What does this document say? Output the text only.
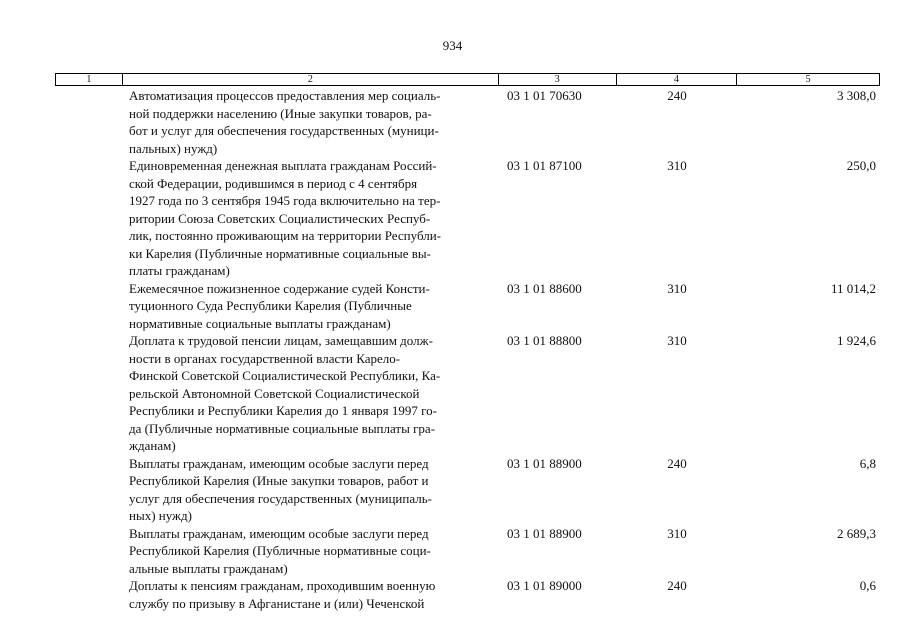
934
1	2	3	4	5
Автоматизация процессов предоставления мер социаль-
ной поддержки населению (Иные закупки товаров, ра-
бот и услуг для обеспечения государственных (муници-
пальных) нужд)
03 1 01 70630	240	3 308,0
Единовременная денежная выплата гражданам Россий-
ской Федерации, родившимся в период с 4 сентября
1927 года по 3 сентября 1945 года включительно на тер-
ритории Союза Советских Социалистических Респуб-
лик, постоянно проживающим на территории Республи-
ки Карелия (Публичные нормативные социальные вы-
платы гражданам)
03 1 01 87100	310	250,0
Ежемесячное пожизненное содержание судей Консти-
туционного Суда Республики Карелия (Публичные
нормативные социальные выплаты гражданам)
03 1 01 88600	310	11 014,2
Доплата к трудовой пенсии лицам, замещавшим долж-
ности в органах государственной власти Карело-
Финской Советской Социалистической Республики, Ка-
рельской Автономной Советской Социалистической
Республики и Республики Карелия до 1 января 1997 го-
да (Публичные нормативные социальные выплаты гра-
жданам)
03 1 01 88800	310	1 924,6
Выплаты гражданам, имеющим особые заслуги перед
Республикой Карелия (Иные закупки товаров, работ и
услуг для обеспечения государственных (муниципаль-
ных) нужд)
03 1 01 88900	240	6,8
Выплаты гражданам, имеющим особые заслуги перед
Республикой Карелия (Публичные нормативные соци-
альные выплаты гражданам)
03 1 01 88900	310	2 689,3
Доплаты к пенсиям гражданам, проходившим военную
службу по призыву в Афганистане и (или) Чеченской
03 1 01 89000	240	0,6
